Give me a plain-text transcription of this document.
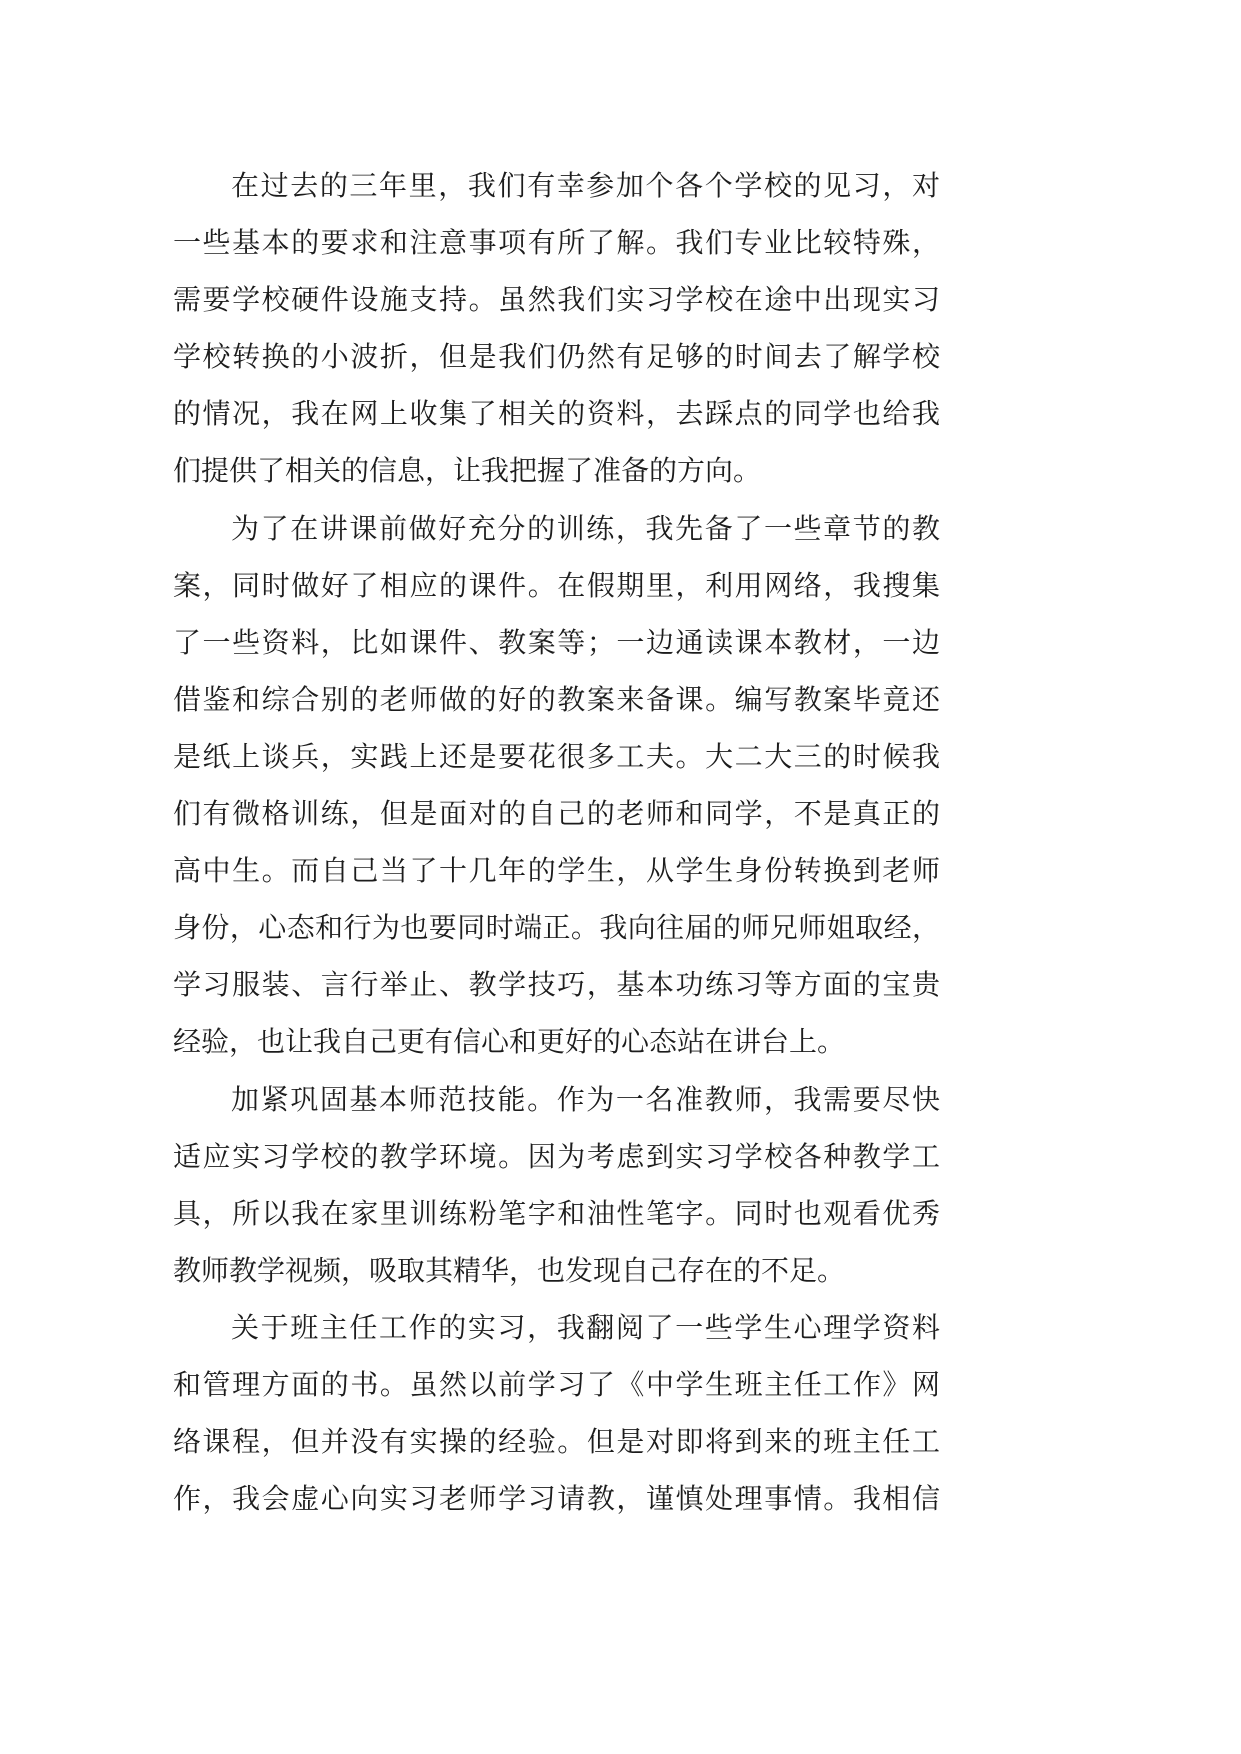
在过去的三年里，我们有幸参加个各个学校的见习，对
一些基本的要求和注意事项有所了解。我们专业比较特殊，
需要学校硬件设施支持。虽然我们实习学校在途中出现实习
学校转换的小波折，但是我们仍然有足够的时间去了解学校
的情况，我在网上收集了相关的资料，去踩点的同学也给我
们提供了相关的信息，让我把握了准备的方向。
为了在讲课前做好充分的训练，我先备了一些章节的教
案，同时做好了相应的课件。在假期里，利用网络，我搜集
了一些资料，比如课件、教案等；一边通读课本教材，一边
借鉴和综合别的老师做的好的教案来备课。编写教案毕竟还
是纸上谈兵，实践上还是要花很多工夫。大二大三的时候我
们有微格训练，但是面对的自己的老师和同学，不是真正的
高中生。而自己当了十几年的学生，从学生身份转换到老师
身份，心态和行为也要同时端正。我向往届的师兄师姐取经，
学习服装、言行举止、教学技巧，基本功练习等方面的宝贵
经验，也让我自己更有信心和更好的心态站在讲台上。
加紧巩固基本师范技能。作为一名准教师，我需要尽快
适应实习学校的教学环境。因为考虑到实习学校各种教学工
具，所以我在家里训练粉笔字和油性笔字。同时也观看优秀
教师教学视频，吸取其精华，也发现自己存在的不足。
关于班主任工作的实习，我翻阅了一些学生心理学资料
和管理方面的书。虽然以前学习了《中学生班主任工作》网
络课程，但并没有实操的经验。但是对即将到来的班主任工
作，我会虚心向实习老师学习请教，谨慎处理事情。我相信
